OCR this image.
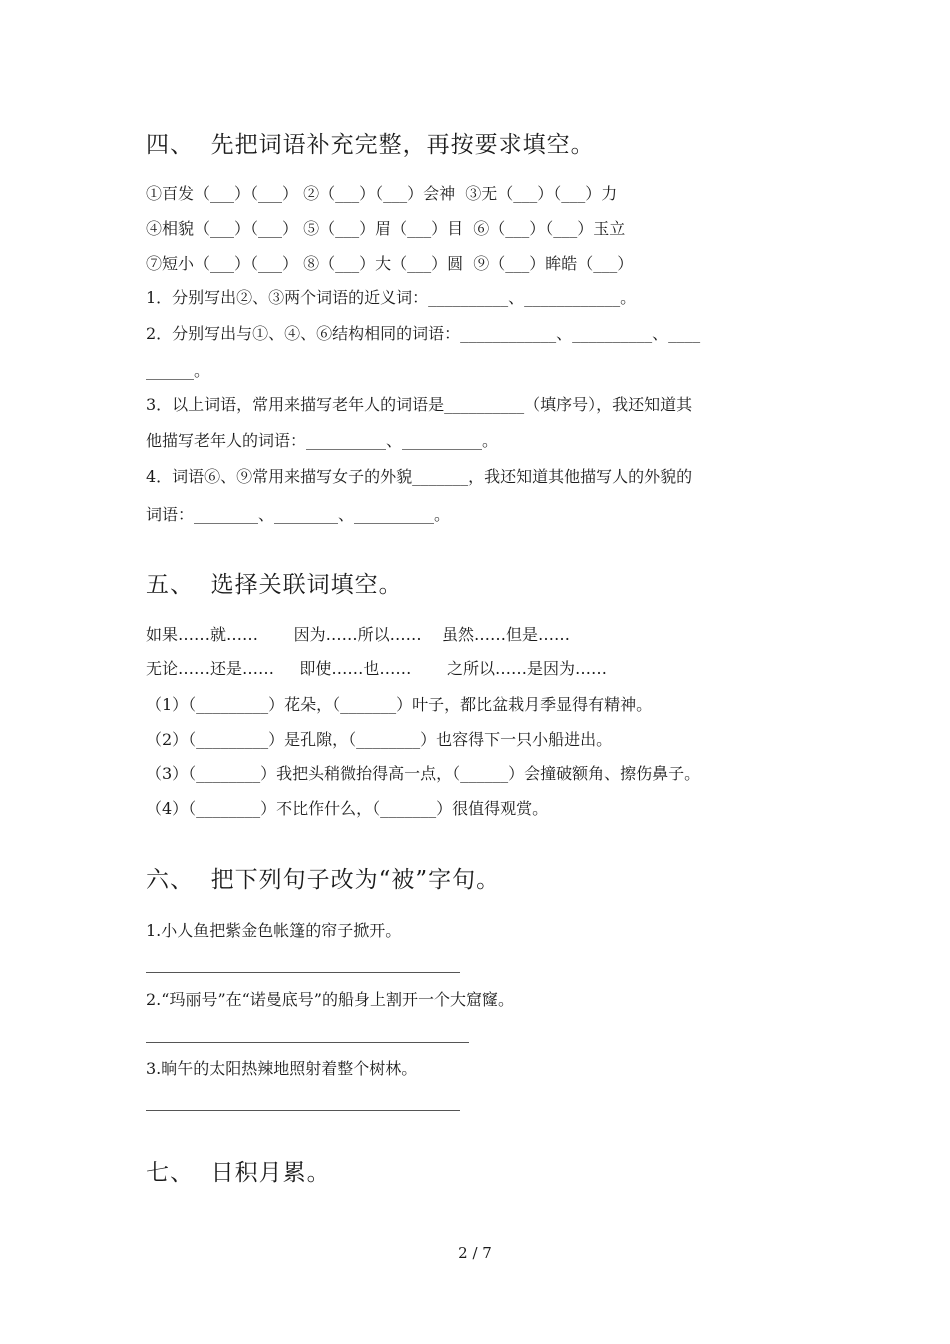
四、  先把词语补充完整，再按要求填空。
①百发（___）（___） ②（___）（___）会神  ③无（___）（___）力
④相貌（___）（___） ⑤（___）眉（___）目  ⑥（___）（___）玉立
⑦短小（___）（___） ⑧（___）大（___）圆  ⑨（___）眸皓（___）
1．分别写出②、③两个词语的近义词：__________、____________。
2．分别写出与①、④、⑥结构相同的词语：____________、__________、____
______。
3．以上词语，常用来描写老年人的词语是__________（填序号），我还知道其
他描写老年人的词语：__________、__________。
4．词语⑥、⑨常用来描写女子的外貌_______，我还知道其他描写人的外貌的
词语：________、________、__________。
五、  选择关联词填空。
如果……就……       因为……所以……    虽然……但是……
无论……还是……     即使……也……       之所以……是因为……
（1）（_________）花朵，（_______）叶子，都比盆栽月季显得有精神。
（2）（_________）是孔隙，（________）也容得下一只小船进出。
（3）（________）我把头稍微抬得高一点，（______）会撞破额角、擦伤鼻子。
（4）（________）不比作什么，（_______）很值得观赏。
六、  把下列句子改为“被”字句。
1.小人鱼把紫金色帐篷的帘子掀开。
2.“玛丽号”在“诺曼底号”的船身上割开一个大窟窿。
3.晌午的太阳热辣地照射着整个树林。
七、  日积月累。
2 / 7
